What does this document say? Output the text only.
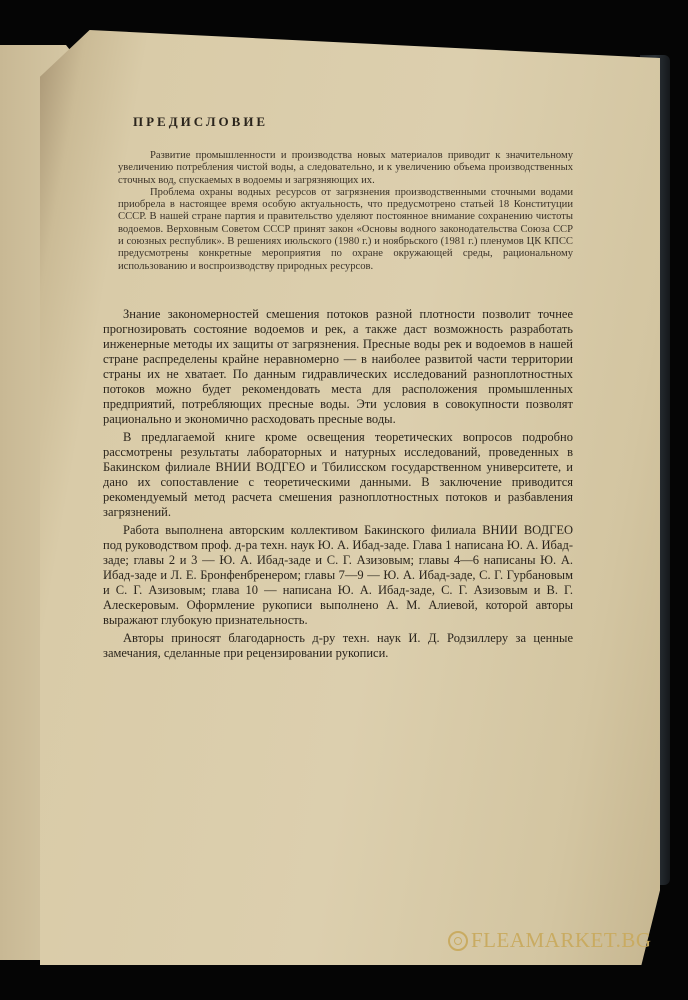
ПРЕДИСЛОВИЕ

Развитие промышленности и производства новых материалов приводит к значительному увеличению потребления чистой воды, а следовательно, и к увеличению объема производственных сточных вод, спускаемых в водоемы и загрязняющих их.

Проблема охраны водных ресурсов от загрязнения производственными сточными водами приобрела в настоящее время особую актуальность, что предусмотрено статьей 18 Конституции СССР. В нашей стране партия и правительство уделяют постоянное внимание сохранению чистоты водоемов. Верховным Советом СССР принят закон «Основы водного законодательства Союза ССР и союзных республик». В решениях июльского (1980 г.) и ноябрьского (1981 г.) пленумов ЦК КПСС предусмотрены конкретные мероприятия по охране окружающей среды, рациональному использованию и воспроизводству природных ресурсов.

Знание закономерностей смешения потоков разной плотности позволит точнее прогнозировать состояние водоемов и рек, а также даст возможность разработать инженерные методы их защиты от загрязнения. Пресные воды рек и водоемов в нашей стране распределены крайне неравномерно — в наиболее развитой части территории страны их не хватает. По данным гидравлических исследований разноплотностных потоков можно будет рекомендовать места для расположения промышленных предприятий, потребляющих пресные воды. Эти условия в совокупности позволят рационально и экономично расходовать пресные воды.

В предлагаемой книге кроме освещения теоретических вопросов подробно рассмотрены результаты лабораторных и натурных исследований, проведенных в Бакинском филиале ВНИИ ВОДГЕО и Тбилисском государственном университете, и дано их сопоставление с теоретическими данными. В заключение приводится рекомендуемый метод расчета смешения разноплотностных потоков и разбавления загрязнений.

Работа выполнена авторским коллективом Бакинского филиала ВНИИ ВОДГЕО под руководством проф. д-ра техн. наук Ю. А. Ибад-заде. Глава 1 написана Ю. А. Ибад-заде; главы 2 и 3 — Ю. А. Ибад-заде и С. Г. Азизовым; главы 4—6 написаны Ю. А. Ибад-заде и Л. Е. Бронфенбренером; главы 7—9 — Ю. А. Ибад-заде, С. Г. Гурбановым и С. Г. Азизовым; глава 10 — написана Ю. А. Ибад-заде, С. Г. Азизовым и В. Г. Алескеровым. Оформление рукописи выполнено А. М. Алиевой, которой авторы выражают глубокую признательность.

Авторы приносят благодарность д-ру техн. наук И. Д. Родзиллеру за ценные замечания, сделанные при рецензировании рукописи.

FLEAMARKET.BG
